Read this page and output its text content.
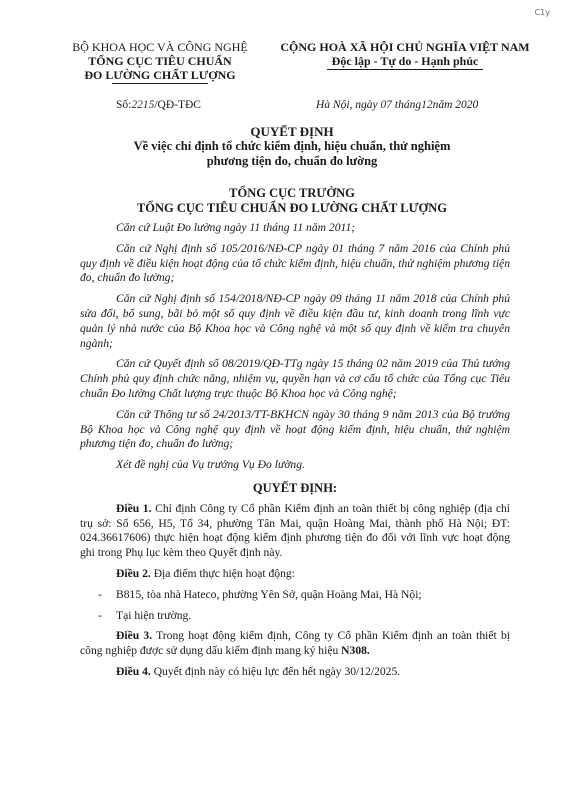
C1y
BỘ KHOA HỌC VÀ CÔNG NGHỆ
TỔNG CỤC TIÊU CHUẨN
ĐO LƯỜNG CHẤT LƯỢNG
CỘNG HOÀ XÃ HỘI CHỦ NGHĨA VIỆT NAM
Độc lập - Tự do - Hạnh phúc
Số:2215/QĐ-TĐC	Hà Nội, ngày 07 tháng12năm 2020
QUYẾT ĐỊNH
Về việc chỉ định tổ chức kiểm định, hiệu chuẩn, thử nghiệm
phương tiện đo, chuẩn đo lường
TỔNG CỤC TRƯỞNG
TỔNG CỤC TIÊU CHUẨN ĐO LƯỜNG CHẤT LƯỢNG

Căn cứ Luật Đo lường ngày 11 tháng 11 năm 2011;

Căn cứ Nghị định số 105/2016/NĐ-CP ngày 01 tháng 7 năm 2016 của Chính phủ quy định về điều kiện hoạt động của tổ chức kiểm định, hiệu chuẩn, thử nghiệm phương tiện đo, chuẩn đo lường;

Căn cứ Nghị định số 154/2018/NĐ-CP ngày 09 tháng 11 năm 2018 của Chính phủ sửa đổi, bổ sung, bãi bỏ một số quy định về điều kiện đầu tư, kinh doanh trong lĩnh vực quản lý nhà nước của Bộ Khoa học và Công nghệ và một số quy định về kiểm tra chuyên ngành;

Căn cứ Quyết định số 08/2019/QĐ-TTg ngày 15 tháng 02 năm 2019 của Thủ tướng Chính phủ quy định chức năng, nhiệm vụ, quyền hạn và cơ cấu tổ chức của Tổng cục Tiêu chuẩn Đo lường Chất lượng trực thuộc Bộ Khoa học và Công nghệ;

Căn cứ Thông tư số 24/2013/TT-BKHCN ngày 30 tháng 9 năm 2013 của Bộ trưởng Bộ Khoa học và Công nghệ quy định về hoạt động kiểm định, hiệu chuẩn, thử nghiệm phương tiện đo, chuẩn đo lường;

Xét đề nghị của Vụ trưởng Vụ Đo lường.

QUYẾT ĐỊNH:

Điều 1. Chỉ định Công ty Cổ phần Kiểm định an toàn thiết bị công nghiệp (địa chỉ trụ sở: Số 656, H5, Tổ 34, phường Tân Mai, quận Hoàng Mai, thành phố Hà Nội; ĐT: 024.36617606) thực hiện hoạt động kiểm định phương tiện đo đối với lĩnh vực hoạt động ghi trong Phụ lục kèm theo Quyết định này.

Điều 2. Địa điểm thực hiện hoạt động:

- B815, tòa nhà Hateco, phường Yên Sở, quận Hoàng Mai, Hà Nội;
- Tại hiện trường.

Điều 3. Trong hoạt động kiểm định, Công ty Cổ phần Kiểm định an toàn thiết bị công nghiệp được sử dụng dấu kiểm định mang ký hiệu N308.

Điều 4. Quyết định này có hiệu lực đến hết ngày 30/12/2025.
